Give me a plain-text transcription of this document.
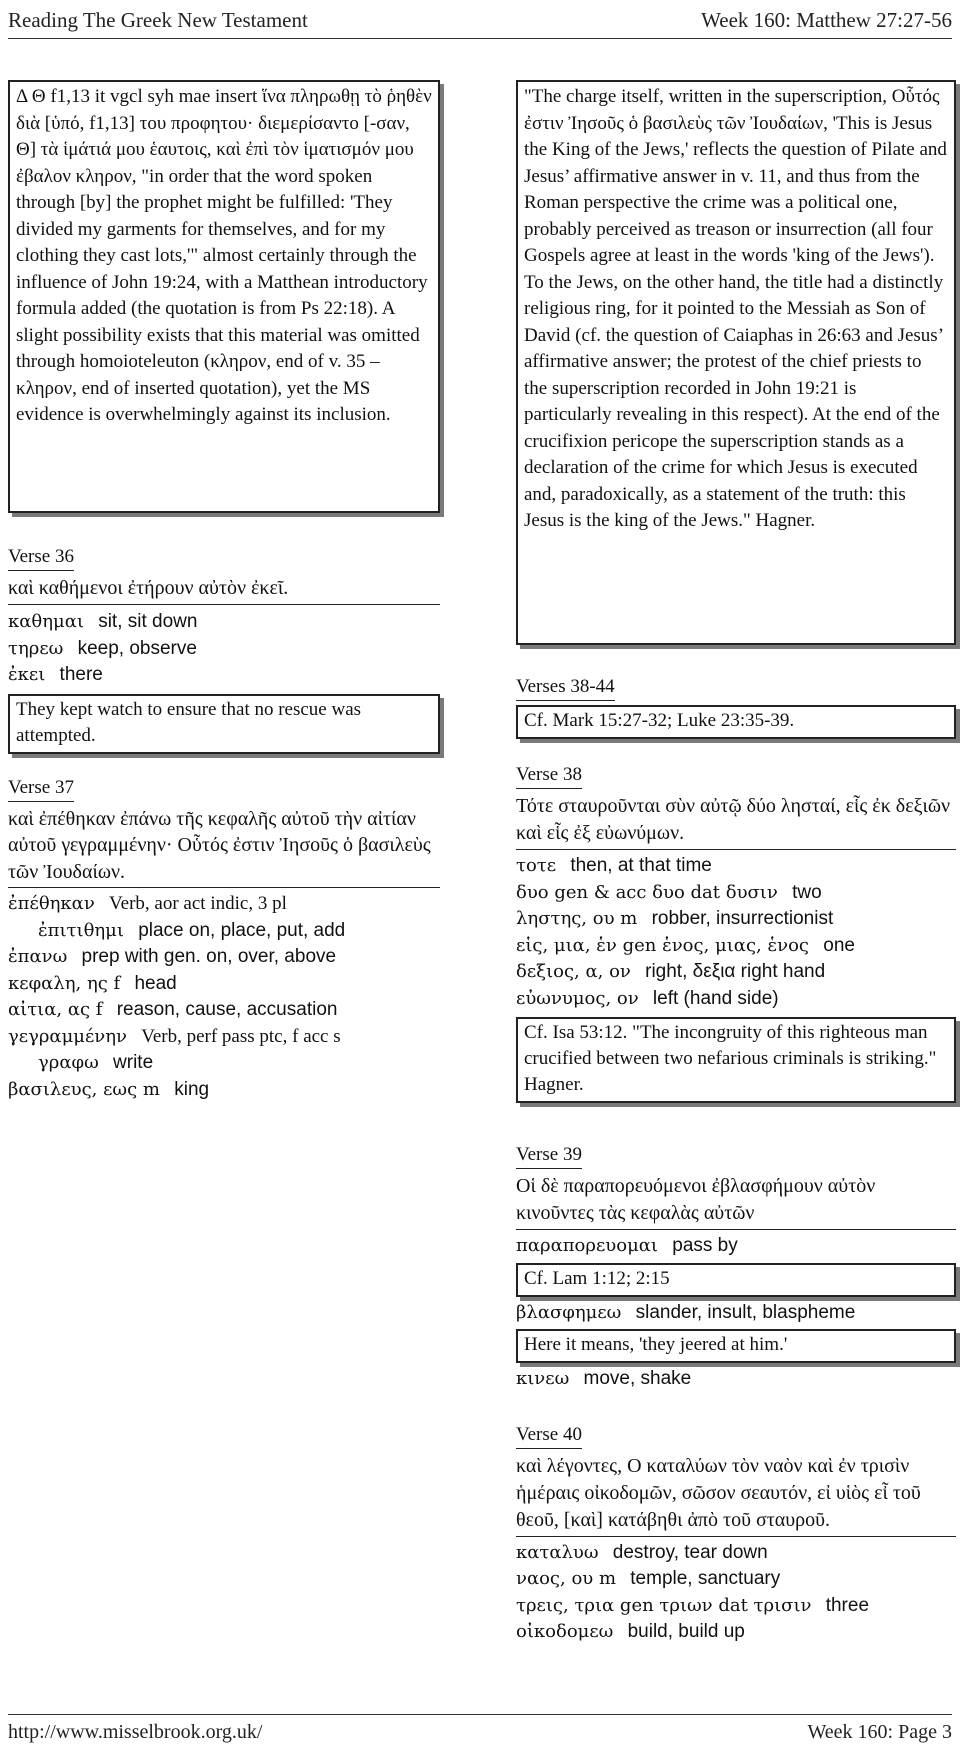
Reading The Greek New Testament	Week 160: Matthew 27:27-56
Δ Θ f1,13 it vgcl syh mae insert ἵνα πληρωθῃ τὸ ῥηθὲν διὰ [ὑπό, f1,13] του προφητου· διεμερίσαντο [-σαν, Θ] τὰ ἱμάτιά μου ἑαυτοις, καὶ ἐπὶ τὸν ἱματισμόν μου ἐβαλον κληρον, "in order that the word spoken through [by] the prophet might be fulfilled: 'They divided my garments for themselves, and for my clothing they cast lots,'" almost certainly through the influence of John 19:24, with a Matthean introductory formula added (the quotation is from Ps 22:18). A slight possibility exists that this material was omitted through homoioteleuton (κληρον, end of v. 35 – κληρον, end of inserted quotation), yet the MS evidence is overwhelmingly against its inclusion.
Verse 36
καὶ καθήμενοι ἐτήρουν αὐτὸν ἐκεῖ.
καθημαι sit, sit down
τηρεω keep, observe
ἐκει there
They kept watch to ensure that no rescue was attempted.
Verse 37
καὶ ἐπέθηκαν ἐπάνω τῆς κεφαλῆς αὐτοῦ τὴν αἰτίαν αὐτοῦ γεγραμμένην· Οὗτός ἐστιν Ἰησοῦς ὁ βασιλεὺς τῶν Ἰουδαίων.
ἐπέθηκαν Verb, aor act indic, 3 pl
ἐπιτιθημι place on, place, put, add
ἐπανω prep with gen. on, over, above
κεφαλη, ης f head
αἰτια, ας f reason, cause, accusation
γεγραμμένην Verb, perf pass ptc, f acc s
γραφω write
βασιλευς, εως m king
"The charge itself, written in the superscription, Οὗτός ἐστιν Ἰησοῦς ὁ βασιλεὺς τῶν Ἰουδαίων, 'This is Jesus the King of the Jews,' reflects the question of Pilate and Jesus’ affirmative answer in v. 11, and thus from the Roman perspective the crime was a political one, probably perceived as treason or insurrection (all four Gospels agree at least in the words 'king of the Jews'). To the Jews, on the other hand, the title had a distinctly religious ring, for it pointed to the Messiah as Son of David (cf. the question of Caiaphas in 26:63 and Jesus’ affirmative answer; the protest of the chief priests to the superscription recorded in John 19:21 is particularly revealing in this respect). At the end of the crucifixion pericope the superscription stands as a declaration of the crime for which Jesus is executed and, paradoxically, as a statement of the truth: this Jesus is the king of the Jews." Hagner.
Verses 38-44
Cf. Mark 15:27-32; Luke 23:35-39.
Verse 38
Τότε σταυροῦνται σὺν αὐτῷ δύο λησταί, εἷς ἐκ δεξιῶν καὶ εἷς ἐξ εὐωνύμων.
τοτε then, at that time
δυο gen & acc δυο dat δυσιν two
ληστης, ου m robber, insurrectionist
εἱς, μια, ἑν gen ἑνος, μιας, ἑνος one
δεξιος, α, ον right, δεξια right hand
εὐωνυμος, ον left (hand side)
Cf. Isa 53:12. "The incongruity of this righteous man crucified between two nefarious criminals is striking." Hagner.
Verse 39
Οἱ δὲ παραπορευόμενοι ἐβλασφήμουν αὐτὸν κινοῦντες τὰς κεφαλὰς αὐτῶν
παραπορευομαι pass by
Cf. Lam 1:12; 2:15
βλασφημεω slander, insult, blaspheme
Here it means, 'they jeered at him.'
κινεω move, shake
Verse 40
καὶ λέγοντες, Ο καταλύων τὸν ναὸν καὶ ἐν τρισὶν ἡμέραις οἰκοδομῶν, σῶσον σεαυτόν, εἰ υἱὸς εἶ τοῦ θεοῦ, [καὶ] κατάβηθι ἀπὸ τοῦ σταυροῦ.
καταλυω destroy, tear down
ναος, ου m temple, sanctuary
τρεις, τρια gen τριων dat τρισιν three
οἰκοδομεω build, build up
http://www.misselbrook.org.uk/	Week 160: Page 3
